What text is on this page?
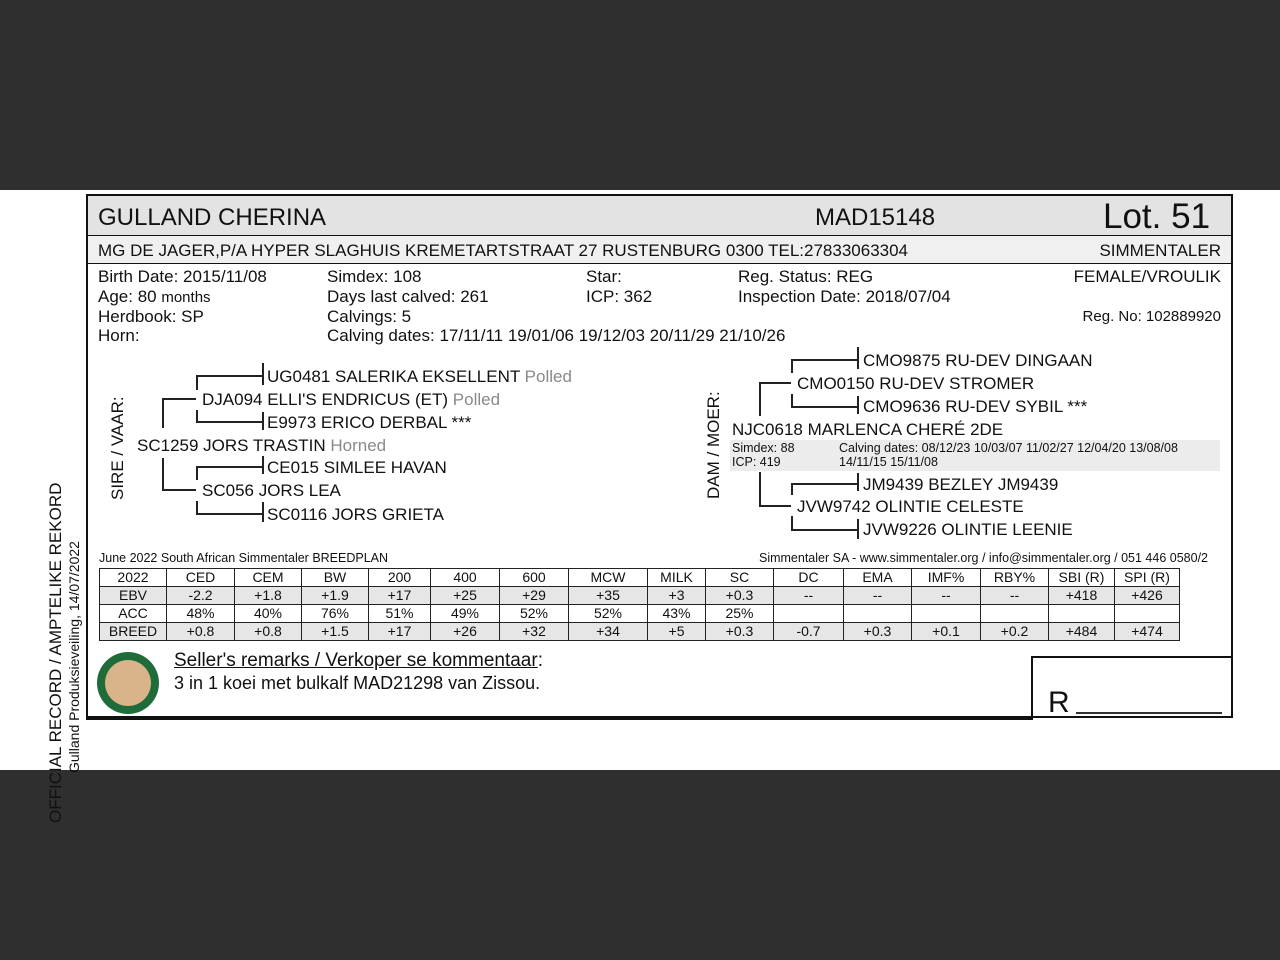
OFFICIAL RECORD / AMPTELIKE REKORD Gulland Produksieveiling, 14/07/2022
GULLAND CHERINA	MAD15148	Lot. 51
MG DE JAGER,P/A HYPER SLAGHUIS KREMETARTSTRAAT 27 RUSTENBURG 0300 TEL:27833063304	SIMMENTALER
Birth Date: 2015/11/08
Age: 80 months
Herdbook: SP
Horn:
Simdex: 108
Days last calved: 261
Calvings: 5
Calving dates: 17/11/11 19/01/06 19/12/03 20/11/29 21/10/26
Star:
ICP: 362
Reg. Status: REG
Inspection Date: 2018/07/04
FEMALE/VROULIK
Reg. No: 102889920
SIRE / VAAR:
UG0481 SALERIKA EKSELLENT Polled
DJA094 ELLI'S ENDRICUS (ET) Polled
E9973 ERICO DERBAL ***
SC1259 JORS TRASTIN Horned
CE015 SIMLEE HAVAN
SC056 JORS LEA
SC0116 JORS GRIETA
DAM / MOER:
CMO9875 RU-DEV DINGAAN
CMO0150 RU-DEV STROMER
CMO9636 RU-DEV SYBIL ***
NJC0618 MARLENCA CHERÉ 2DE
Simdex: 88
ICP: 419
Calving dates: 08/12/23 10/03/07 11/02/27 12/04/20 13/08/08
14/11/15 15/11/08
JM9439 BEZLEY JM9439
JVW9742 OLINTIE CELESTE
JVW9226 OLINTIE LEENIE
June 2022 South African Simmentaler BREEDPLAN	Simmentaler SA - www.simmentaler.org / info@simmentaler.org / 051 446 0580/2
2022	CED	CEM	BW	200	400	600	MCW	MILK	SC	DC	EMA	IMF%	RBY%	SBI (R)	SPI (R)
EBV	-2.2	+1.8	+1.9	+17	+25	+29	+35	+3	+0.3	--	--	--	--	+418	+426
ACC	48%	40%	76%	51%	49%	52%	52%	43%	25%						
BREED	+0.8	+0.8	+1.5	+17	+26	+32	+34	+5	+0.3	-0.7	+0.3	+0.1	+0.2	+484	+474
Seller's remarks / Verkoper se kommentaar:
3 in 1 koei met bulkalf MAD21298 van Zissou.
R
